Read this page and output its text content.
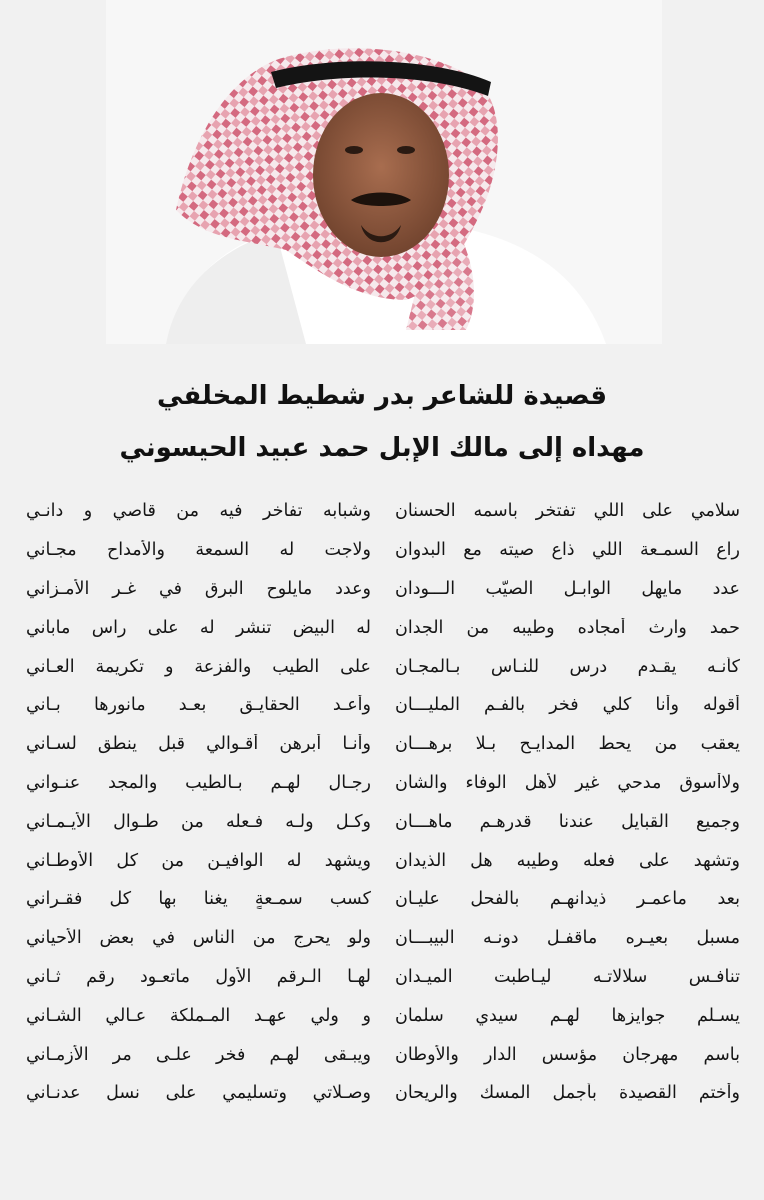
قصيدة للشاعر بدر شطيط المخلفي
مهداه إلى مالك الإبل حمد عبيد الحيسوني
سلامي على اللي تفتخر باسمه الحسنان
وشبابه تفاخر فيه من قاصي و دانـي
راع السمـعة اللي ذاع صيته مع البدوان
ولاجت له السمعة والأمداح مجـاني
عدد مايهل الوابـل الصيّب الـــودان
وعدد مايلوح البرق في غـر الأمـزاني
حمد وارث أمجاده وطيبه من الجدان
له البيض تنشر له على راس ماباني
كأنـه يقـدم درس للنـاس بـالمجـان
على الطيب والفزعة و تكريمة العـاني
أقوله وأنا كلي فخر بالفـم المليـــان
وأعـد الحقايـق بعـد مانورها بـاني
يعقب من يحط المدايـح بـلا برهـــان
وأنـا أبرهن أقـوالي قبل ينطق لسـاني
ولاأسوق مدحي غير لأهل الوفاء والشان
رجـال لهـم بـالطيب والمجد عنـواني
وجميع القبايل عندنا قدرهـم ماهـــان
وكـل ولـه فـعله من طـوال الأيـمـاني
وتشهد على فعله وطيبه هل الذيدان
ويشهد له الوافيـن من كل الأوطـاني
بعد ماعمـر ذيدانهـم بالفحل عليـان
كسب سمـعةٍ يغنا بها كل فقـراني
مسبل بعيـره ماقفـل دونـه البيبـــان
ولو يحرج من الناس في بعض الأحياني
تنافـس سلالاتـه ليـاطبت الميـدان
لهـا الـرقم الأول ماتعـود رقم ثـاني
يسـلم جوايزها لهـم سيدي سلمان
و ولي عهـد المـملكة عـالي الشـاني
باسم مهرجان مؤسس الدار والأوطان
ويبـقى لهـم فخر علـى مر الأزمـاني
وأختم القصيدة بأجمل المسك والريحان
وصـلاتي وتسليمي على نسل عدنـاني
